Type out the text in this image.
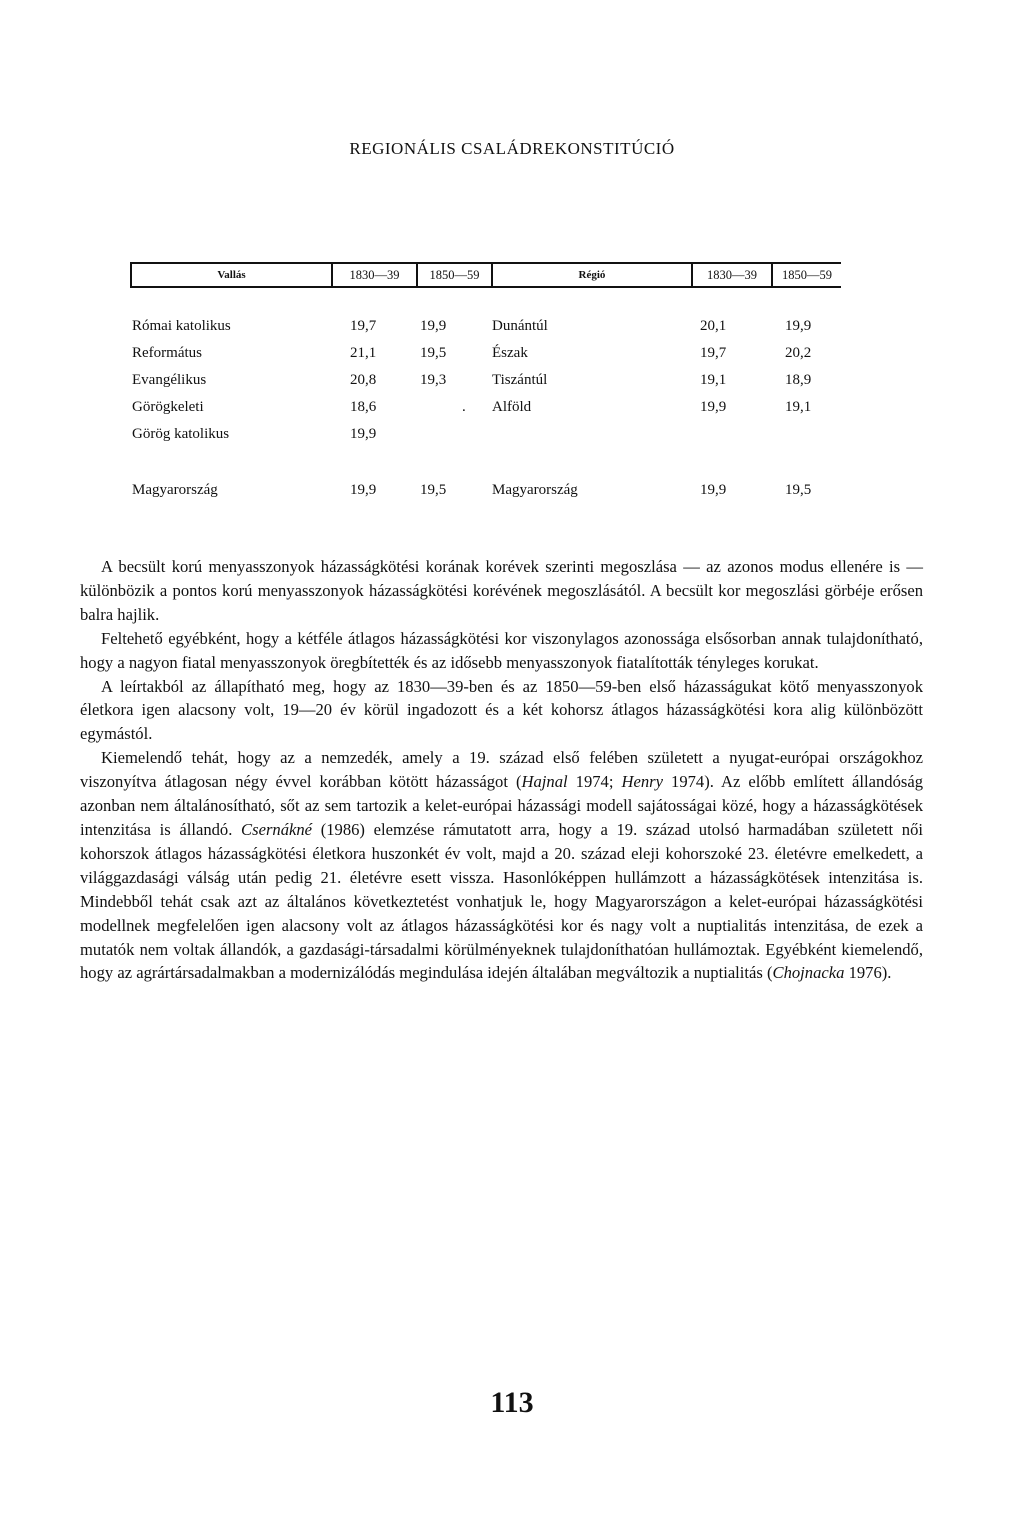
REGIONÁLIS CSALÁDREKONSTITÚCIÓ
Vallás	1830—39	1850—59	Régió	1830—39	1850—59
Római katolikus	19,7	19,9	Dunántúl	20,1	19,9
Református	21,1	19,5	Észak	19,7	20,2
Evangélikus	20,8	19,3	Tiszántúl	19,1	18,9
Görögkeleti	18,6	. Alföld	19,9	19,1
Görög katolikus	19,9
Magyarország	19,9	19,5	Magyarország	19,9	19,5

A becsült korú menyasszonyok házasságkötési korának korévek szerinti megoszlása — az azonos modus ellenére is — különbözik a pontos korú menyasszonyok házasságkötési korévének megoszlásától. A becsült kor megoszlási görbéje erősen balra hajlik.

Feltehető egyébként, hogy a kétféle átlagos házasságkötési kor viszonylagos azonossága elsősorban annak tulajdonítható, hogy a nagyon fiatal menyasszonyok öregbítették és az idősebb menyasszonyok fiatalították tényleges korukat.

A leírtakból az állapítható meg, hogy az 1830—39-ben és az 1850—59-ben első házasságukat kötő menyasszonyok életkora igen alacsony volt, 19—20 év körül ingadozott és a két kohorsz átlagos házasságkötési kora alig különbözött egymástól.

Kiemelendő tehát, hogy az a nemzedék, amely a 19. század első felében született a nyugat-európai országokhoz viszonyítva átlagosan négy évvel korábban kötött házasságot (Hajnal 1974; Henry 1974). Az előbb említett állandóság azonban nem általánosítható, sőt az sem tartozik a kelet-európai házassági modell sajátosságai közé, hogy a házasságkötések intenzitása is állandó. Csernákné (1986) elemzése rámutatott arra, hogy a 19. század utolsó harmadában született női kohorszok átlagos házasságkötési életkora huszonkét év volt, majd a 20. század eleji kohorszoké 23. életévre emelkedett, a világgazdasági válság után pedig 21. életévre esett vissza. Hasonlóképpen hullámzott a házasságkötések intenzitása is. Mindebből tehát csak azt az általános következtetést vonhatjuk le, hogy Magyarországon a kelet-európai házasságkötési modellnek megfelelően igen alacsony volt az átlagos házasságkötési kor és nagy volt a nuptialitás intenzitása, de ezek a mutatók nem voltak állandók, a gazdasági-társadalmi körülményeknek tulajdoníthatóan hullámoztak. Egyébként kiemelendő, hogy az agrártársadalmakban a modernizálódás megindulása idején általában megváltozik a nuptialitás (Chojnacka 1976).

113
